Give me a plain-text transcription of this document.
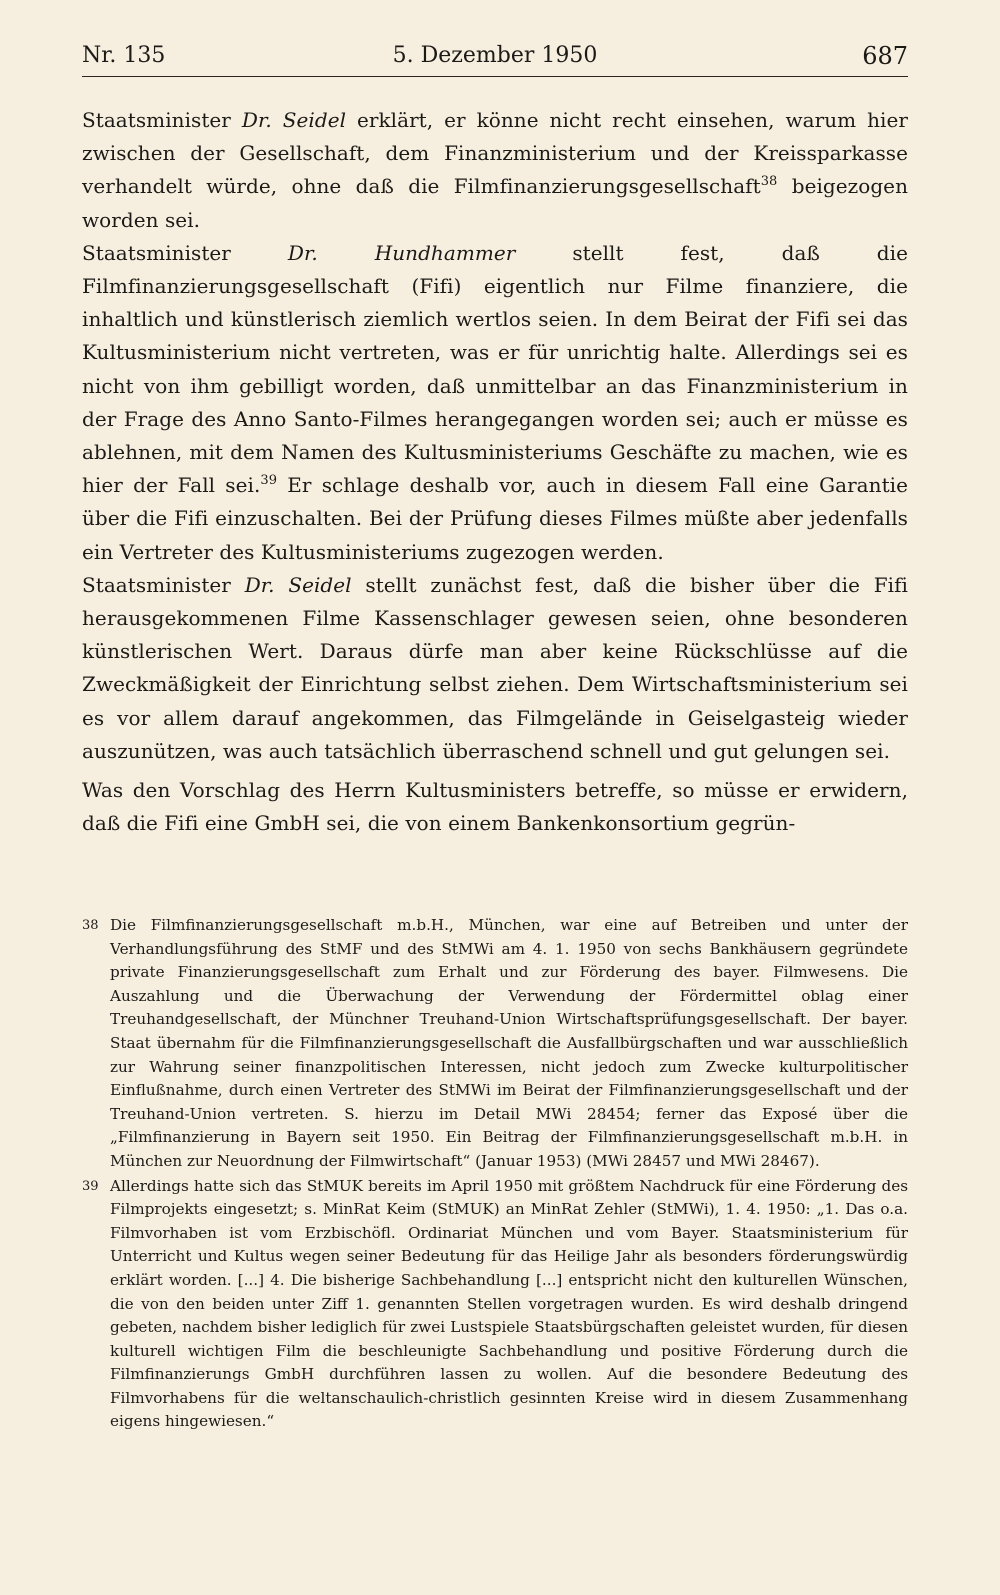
Nr. 135	5. Dezember 1950	687

Staatsminister Dr. Seidel erklärt, er könne nicht recht einsehen, warum hier zwischen der Gesellschaft, dem Finanzministerium und der Kreissparkasse verhandelt würde, ohne daß die Filmfinanzierungsgesellschaft$^{38}$ beigezogen worden sei.

Staatsminister Dr. Hundhammer stellt fest, daß die Filmfinanzierungsgesellschaft (Fifi) eigentlich nur Filme finanziere, die inhaltlich und künstlerisch ziemlich wertlos seien. In dem Beirat der Fifi sei das Kultusministerium nicht vertreten, was er für unrichtig halte. Allerdings sei es nicht von ihm gebilligt worden, daß unmittelbar an das Finanzministerium in der Frage des Anno Santo-Filmes herangegangen worden sei; auch er müsse es ablehnen, mit dem Namen des Kultusministeriums Geschäfte zu machen, wie es hier der Fall sei.$^{39}$ Er schlage deshalb vor, auch in diesem Fall eine Garantie über die Fifi einzuschalten. Bei der Prüfung dieses Filmes müßte aber jedenfalls ein Vertreter des Kultusministeriums zugezogen werden.

Staatsminister Dr. Seidel stellt zunächst fest, daß die bisher über die Fifi herausgekommenen Filme Kassenschlager gewesen seien, ohne besonderen künstlerischen Wert. Daraus dürfe man aber keine Rückschlüsse auf die Zweckmäßigkeit der Einrichtung selbst ziehen. Dem Wirtschaftsministerium sei es vor allem darauf angekommen, das Filmgelände in Geiselgasteig wieder auszunützen, was auch tatsächlich überraschend schnell und gut gelungen sei.

Was den Vorschlag des Herrn Kultusministers betreffe, so müsse er erwidern, daß die Fifi eine GmbH sei, die von einem Bankenkonsortium gegrün-

38 Die Filmfinanzierungsgesellschaft m.b.H., München, war eine auf Betreiben und unter der Verhandlungsführung des StMF und des StMWi am 4. 1. 1950 von sechs Bankhäusern gegründete private Finanzierungsgesellschaft zum Erhalt und zur Förderung des bayer. Filmwesens. Die Auszahlung und die Überwachung der Verwendung der Fördermittel oblag einer Treuhandgesellschaft, der Münchner Treuhand-Union Wirtschaftsprüfungsgesellschaft. Der bayer. Staat übernahm für die Filmfinanzierungsgesellschaft die Ausfallbürgschaften und war ausschließlich zur Wahrung seiner finanzpolitischen Interessen, nicht jedoch zum Zwecke kulturpolitischer Einflußnahme, durch einen Vertreter des StMWi im Beirat der Filmfinanzierungsgesellschaft und der Treuhand-Union vertreten. S. hierzu im Detail MWi 28454; ferner das Exposé über die „Filmfinanzierung in Bayern seit 1950. Ein Beitrag der Filmfinanzierungsgesellschaft m.b.H. in München zur Neuordnung der Filmwirtschaft“ (Januar 1953) (MWi 28457 und MWi 28467).
39 Allerdings hatte sich das StMUK bereits im April 1950 mit größtem Nachdruck für eine Förderung des Filmprojekts eingesetzt; s. MinRat Keim (StMUK) an MinRat Zehler (StMWi), 1. 4. 1950: „1. Das o.a. Filmvorhaben ist vom Erzbischöfl. Ordinariat München und vom Bayer. Staatsministerium für Unterricht und Kultus wegen seiner Bedeutung für das Heilige Jahr als besonders förderungswürdig erklärt worden. [...] 4. Die bisherige Sachbehandlung [...] entspricht nicht den kulturellen Wünschen, die von den beiden unter Ziff 1. genannten Stellen vorgetragen wurden. Es wird deshalb dringend gebeten, nachdem bisher lediglich für zwei Lustspiele Staatsbürgschaften geleistet wurden, für diesen kulturell wichtigen Film die beschleunigte Sachbehandlung und positive Förderung durch die Filmfinanzierungs GmbH durchführen lassen zu wollen. Auf die besondere Bedeutung des Filmvorhabens für die weltanschaulich-christlich gesinnten Kreise wird in diesem Zusammenhang eigens hingewiesen.“
